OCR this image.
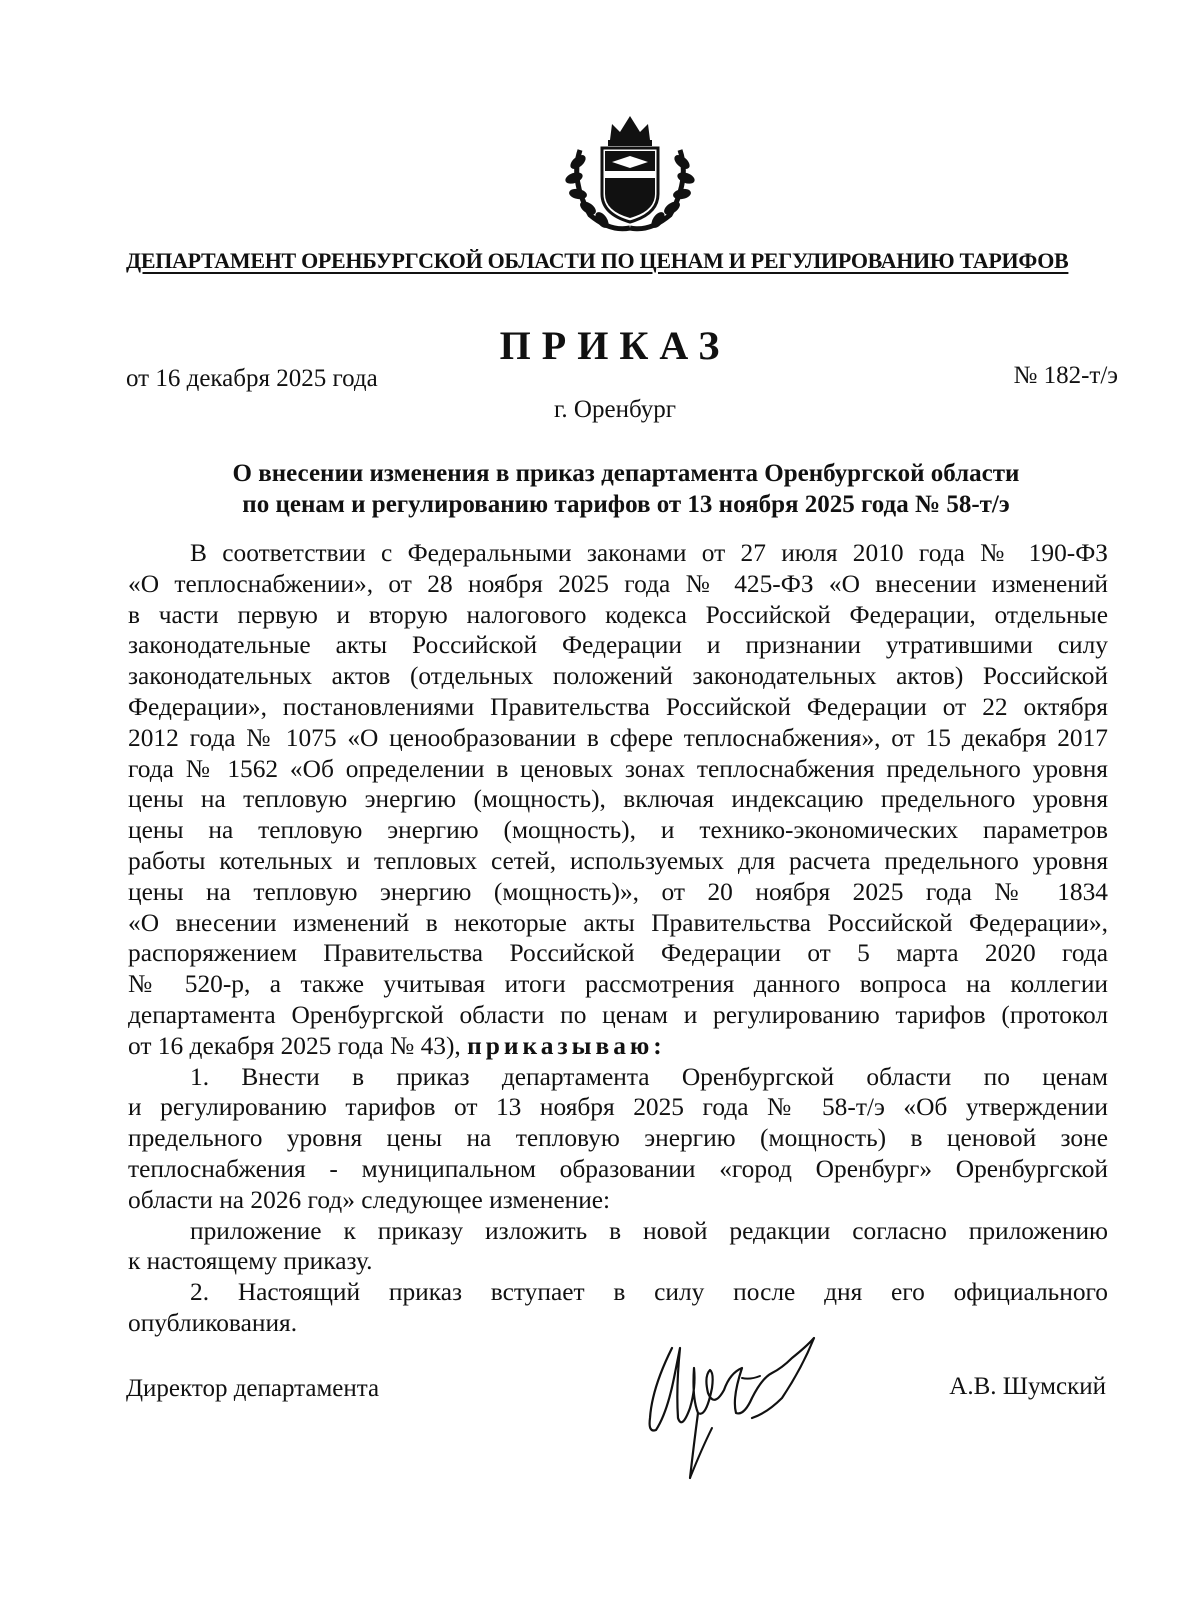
ДЕПАРТАМЕНТ ОРЕНБУРГСКОЙ ОБЛАСТИ ПО ЦЕНАМ И РЕГУЛИРОВАНИЮ ТАРИФОВ
ПРИКАЗ
от 16 декабря 2025 года	№ 182-т/э
г. Оренбург
О внесении изменения в приказ департамента Оренбургской области
по ценам и регулированию тарифов от 13 ноября 2025 года № 58-т/э
В соответствии с Федеральными законами от 27 июля 2010 года № 190-ФЗ
«О теплоснабжении», от 28 ноября 2025 года № 425-ФЗ «О внесении изменений
в части первую и вторую налогового кодекса Российской Федерации, отдельные
законодательные акты Российской Федерации и признании утратившими силу
законодательных актов (отдельных положений законодательных актов) Российской
Федерации», постановлениями Правительства Российской Федерации от 22 октября
2012 года № 1075 «О ценообразовании в сфере теплоснабжения», от 15 декабря 2017
года № 1562 «Об определении в ценовых зонах теплоснабжения предельного уровня
цены на тепловую энергию (мощность), включая индексацию предельного уровня
цены на тепловую энергию (мощность), и технико-экономических параметров
работы котельных и тепловых сетей, используемых для расчета предельного уровня
цены на тепловую энергию (мощность)», от 20 ноября 2025 года № 1834
«О внесении изменений в некоторые акты Правительства Российской Федерации»,
распоряжением Правительства Российской Федерации от 5 марта 2020 года
№ 520-р, а также учитывая итоги рассмотрения данного вопроса на коллегии
департамента Оренбургской области по ценам и регулированию тарифов (протокол
от 16 декабря 2025 года № 43), приказываю:
1. Внести в приказ департамента Оренбургской области по ценам
и регулированию тарифов от 13 ноября 2025 года № 58-т/э «Об утверждении
предельного уровня цены на тепловую энергию (мощность) в ценовой зоне
теплоснабжения - муниципальном образовании «город Оренбург» Оренбургской
области на 2026 год» следующее изменение:
приложение к приказу изложить в новой редакции согласно приложению
к настоящему приказу.
2. Настоящий приказ вступает в силу после дня его официального
опубликования.
Директор департамента	А.В. Шумский
